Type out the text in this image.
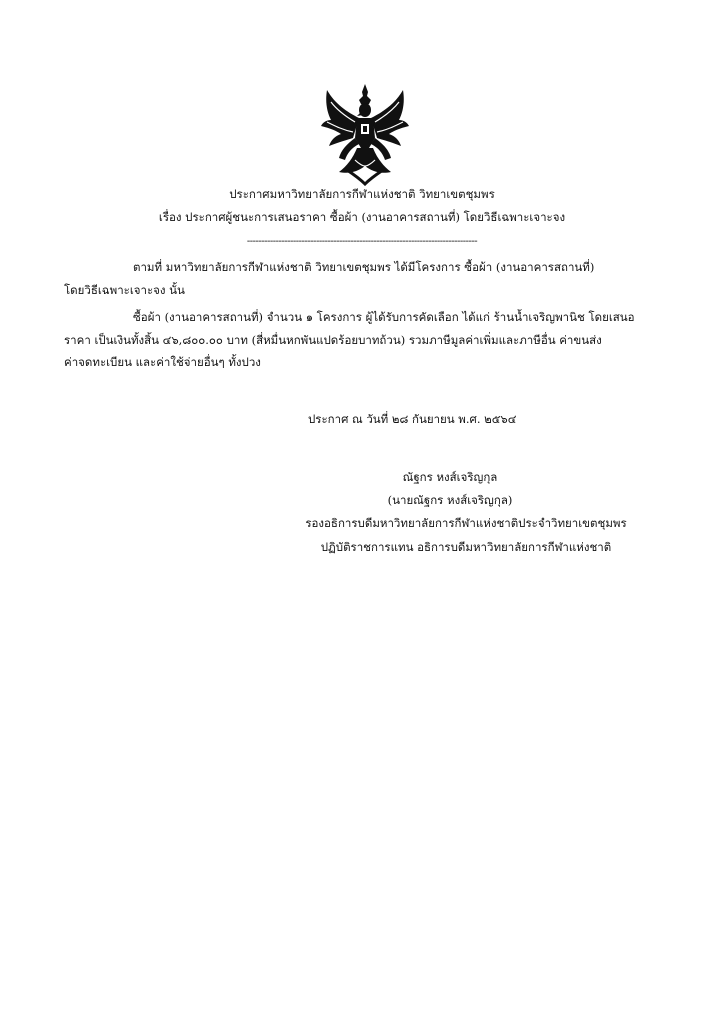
ประกาศมหาวิทยาลัยการกีฬาแห่งชาติ วิทยาเขตชุมพร
เรื่อง ประกาศผู้ชนะการเสนอราคา ซื้อผ้า (งานอาคารสถานที่) โดยวิธีเฉพาะเจาะจง
--------------------------------------------------------------------------------
ตามที่ มหาวิทยาลัยการกีฬาแห่งชาติ วิทยาเขตชุมพร ได้มีโครงการ ซื้อผ้า (งานอาคารสถานที่)
โดยวิธีเฉพาะเจาะจง นั้น
ซื้อผ้า (งานอาคารสถานที่) จำนวน ๑ โครงการ ผู้ได้รับการคัดเลือก ได้แก่ ร้านน้ำเจริญพานิช โดยเสนอ
ราคา เป็นเงินทั้งสิ้น ๔๖,๘๐๐.๐๐ บาท (สี่หมื่นหกพันแปดร้อยบาทถ้วน) รวมภาษีมูลค่าเพิ่มและภาษีอื่น ค่าขนส่ง
ค่าจดทะเบียน และค่าใช้จ่ายอื่นๆ ทั้งปวง
ประกาศ ณ วันที่ ๒๘ กันยายน พ.ศ. ๒๕๖๔
ณัฐกร หงส์เจริญกุล
(นายณัฐกร หงส์เจริญกุล)
รองอธิการบดีมหาวิทยาลัยการกีฬาแห่งชาติประจำวิทยาเขตชุมพร
ปฏิบัติราชการแทน อธิการบดีมหาวิทยาลัยการกีฬาแห่งชาติ
